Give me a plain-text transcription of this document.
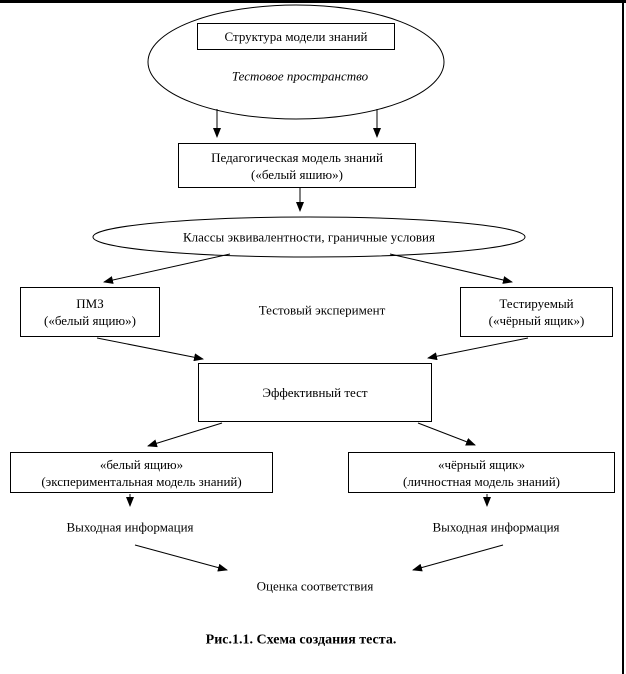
Структура модели знаний
Тестовое пространство
Педагогическая модель знаний
(«белый яшию»)
Классы эквивалентности, граничные условия
ПМЗ
(«белый ящию»)
Тестовый эксперимент	Тестируемый
(«чёрный ящик»)
Эффективный тест
«белый ящию»
(экспериментальная модель знаний)
«чёрный ящик»
(личностная модель знаний)
Выходная информация	Выходная информация
Оценка соответствия
Рис.1.1. Схема создания теста.
